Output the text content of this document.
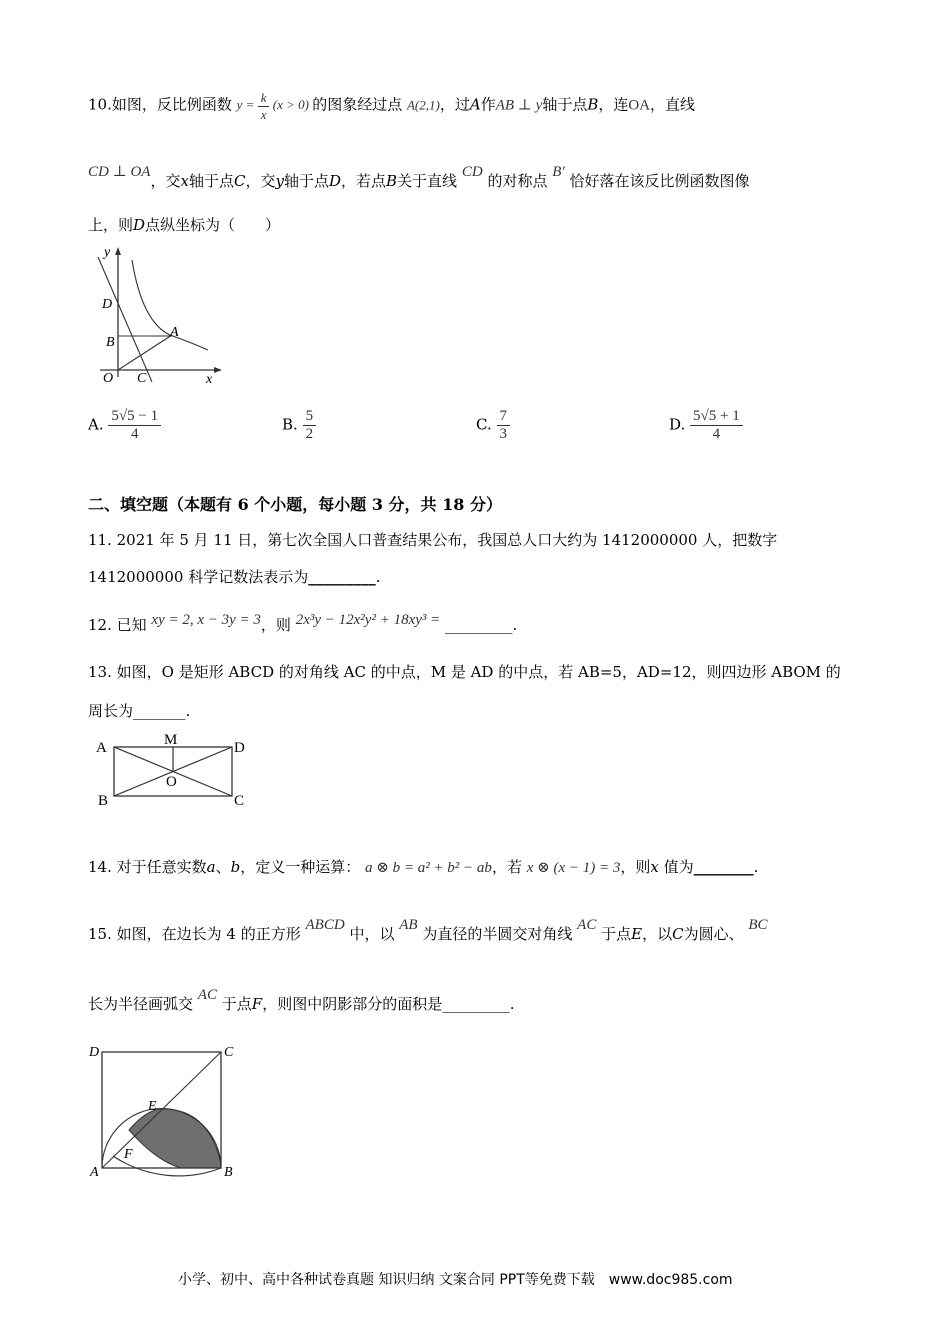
10.如图，反比例函数 $y = \frac{k}{x} (x > 0)$ 的图象经过点 A(2,1)，过A作AB ⊥ y轴于点B，连OA，直线
CD ⊥ OA，交x轴于点C，交y轴于点D，若点B关于直线 CD 的对称点 B′ 恰好落在该反比例函数图像
上，则D点纵坐标为（　　）
y
D
B
A
O C	x
A. $\frac{5√5 - 1}{4}$	B. $\frac{5}{2}$	C. $\frac{7}{3}$	D. $\frac{5√5 + 1}{4}$
二、填空题（本题有 6 个小题，每小题 3 分，共 18 分）
11. 2021 年 5 月 11 日，第七次全国人口普查结果公布，我国总人口大约为 1412000000 人，把数字
1412000000 科学记数法表示为_________.
12. 已知 xy = 2, x − 3y = 3，则 2x³y − 12x²y² + 18xy³ = _________.
13. 如图，O 是矩形 ABCD 的对角线 AC 的中点，M 是 AD 的中点，若 AB=5，AD=12，则四边形 ABOM 的
周长为_______.
A	M	D
O
B	C
14. 对于任意实数a、b，定义一种运算： a ⊗ b = a² + b² − ab，若 x ⊗ (x − 1) = 3，则x 值为________.
15. 如图，在边长为 4 的正方形 ABCD 中，以 AB 为直径的半圆交对角线 AC 于点E，以C为圆心、 BC
长为半径画弧交 AC 于点F，则图中阴影部分的面积是_________.
D	C
E
F
A	B
小学、初中、高中各种试卷真题 知识归纳 文案合同 PPT等免费下载　www.doc985.com
